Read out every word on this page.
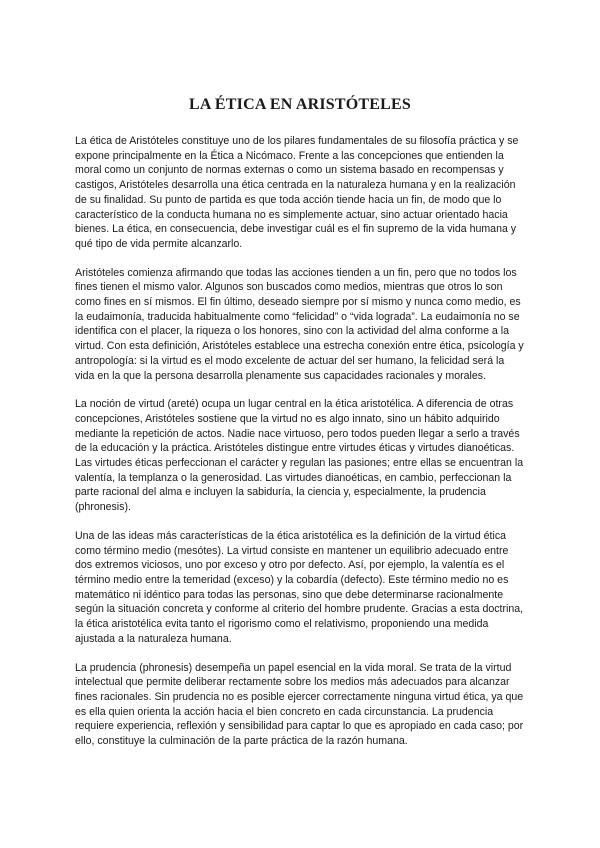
LA ÉTICA EN ARISTÓTELES

La ética de Aristóteles constituye uno de los pilares fundamentales de su filosofía práctica y se expone principalmente en la Ética a Nicómaco. Frente a las concepciones que entienden la moral como un conjunto de normas externas o como un sistema basado en recompensas y castigos, Aristóteles desarrolla una ética centrada en la naturaleza humana y en la realización de su finalidad. Su punto de partida es que toda acción tiende hacia un fin, de modo que lo característico de la conducta humana no es simplemente actuar, sino actuar orientado hacia bienes. La ética, en consecuencia, debe investigar cuál es el fin supremo de la vida humana y qué tipo de vida permite alcanzarlo.

Aristóteles comienza afirmando que todas las acciones tienden a un fin, pero que no todos los fines tienen el mismo valor. Algunos son buscados como medios, mientras que otros lo son como fines en sí mismos. El fin último, deseado siempre por sí mismo y nunca como medio, es la eudaimonía, traducida habitualmente como “felicidad” o “vida lograda”. La eudaimonía no se identifica con el placer, la riqueza o los honores, sino con la actividad del alma conforme a la virtud. Con esta definición, Aristóteles establece una estrecha conexión entre ética, psicología y antropología: si la virtud es el modo excelente de actuar del ser humano, la felicidad será la vida en la que la persona desarrolla plenamente sus capacidades racionales y morales.

La noción de virtud (areté) ocupa un lugar central en la ética aristotélica. A diferencia de otras concepciones, Aristóteles sostiene que la virtud no es algo innato, sino un hábito adquirido mediante la repetición de actos. Nadie nace virtuoso, pero todos pueden llegar a serlo a través de la educación y la práctica. Aristóteles distingue entre virtudes éticas y virtudes dianoéticas. Las virtudes éticas perfeccionan el carácter y regulan las pasiones; entre ellas se encuentran la valentía, la templanza o la generosidad. Las virtudes dianoéticas, en cambio, perfeccionan la parte racional del alma e incluyen la sabiduría, la ciencia y, especialmente, la prudencia (phronesis).

Una de las ideas más características de la ética aristotélica es la definición de la virtud ética como término medio (mesótes). La virtud consiste en mantener un equilibrio adecuado entre dos extremos viciosos, uno por exceso y otro por defecto. Así, por ejemplo, la valentía es el término medio entre la temeridad (exceso) y la cobardía (defecto). Este término medio no es matemático ni idéntico para todas las personas, sino que debe determinarse racionalmente según la situación concreta y conforme al criterio del hombre prudente. Gracias a esta doctrina, la ética aristotélica evita tanto el rigorismo como el relativismo, proponiendo una medida ajustada a la naturaleza humana.

La prudencia (phronesis) desempeña un papel esencial en la vida moral. Se trata de la virtud intelectual que permite deliberar rectamente sobre los medios más adecuados para alcanzar fines racionales. Sin prudencia no es posible ejercer correctamente ninguna virtud ética, ya que es ella quien orienta la acción hacia el bien concreto en cada circunstancia. La prudencia requiere experiencia, reflexión y sensibilidad para captar lo que es apropiado en cada caso; por ello, constituye la culminación de la parte práctica de la razón humana.
